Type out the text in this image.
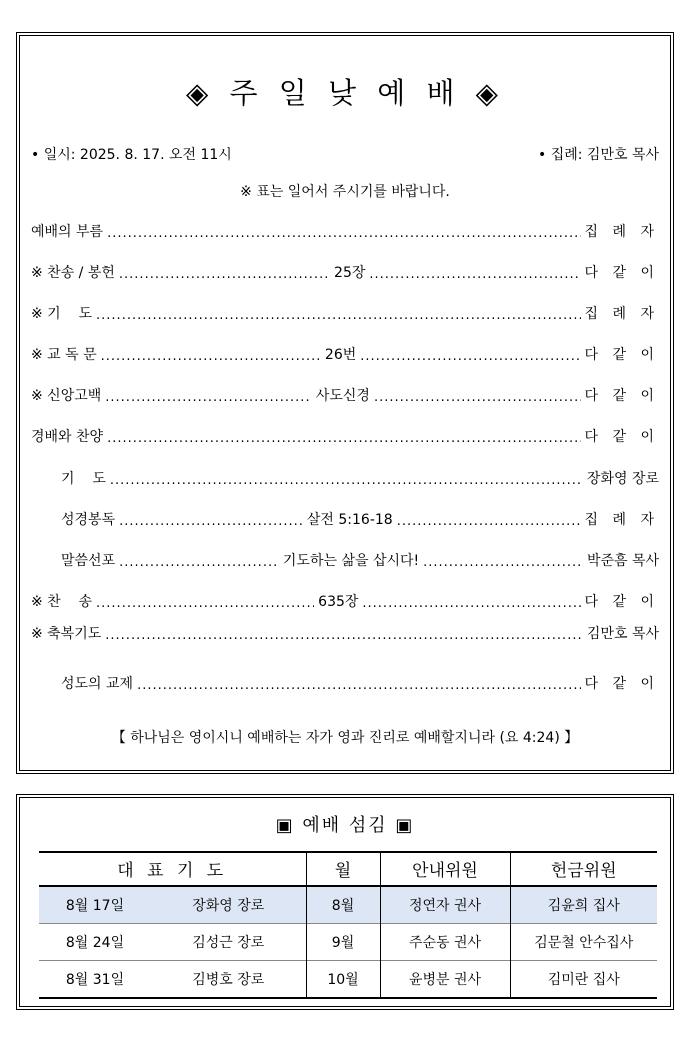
◈ 주 일 낮 예 배 ◈
• 일시: 2025. 8. 17. 오전 11시	• 집례: 김만호 목사
※ 표는 일어서 주시기를 바랍니다.
예배의 부름 .....	집 례 자
※ 찬송 / 봉헌 .....	25장 .....	다 같 이
※ 기    도 .....	집 례 자
※ 교 독 문 .....	26번 .....	다 같 이
※ 신앙고백 .....	사도신경 .....	다 같 이
경배와 찬양 .....	다 같 이
기    도 .....	장화영 장로
성경봉독 .....	살전 5:16-18 .....	집 례 자
말씀선포 .....	기도하는 삶을 삽시다! .....	박준흠 목사
※ 찬    송 .....	635장 .....	다 같 이
※ 축복기도 .....	김만호 목사
성도의 교제 .....	다 같 이
【 하나님은 영이시니 예배하는 자가 영과 진리로 예배할지니라 (요 4:24) 】
▣ 예배 섬김 ▣
대 표 기 도		월	안내위원	헌금위원
8월 17일	장화영 장로	8월	정연자 권사	김윤희 집사
8월 24일	김성근 장로	9월	주순동 권사	김문철 안수집사
8월 31일	김병호 장로	10월	윤병분 권사	김미란 집사
